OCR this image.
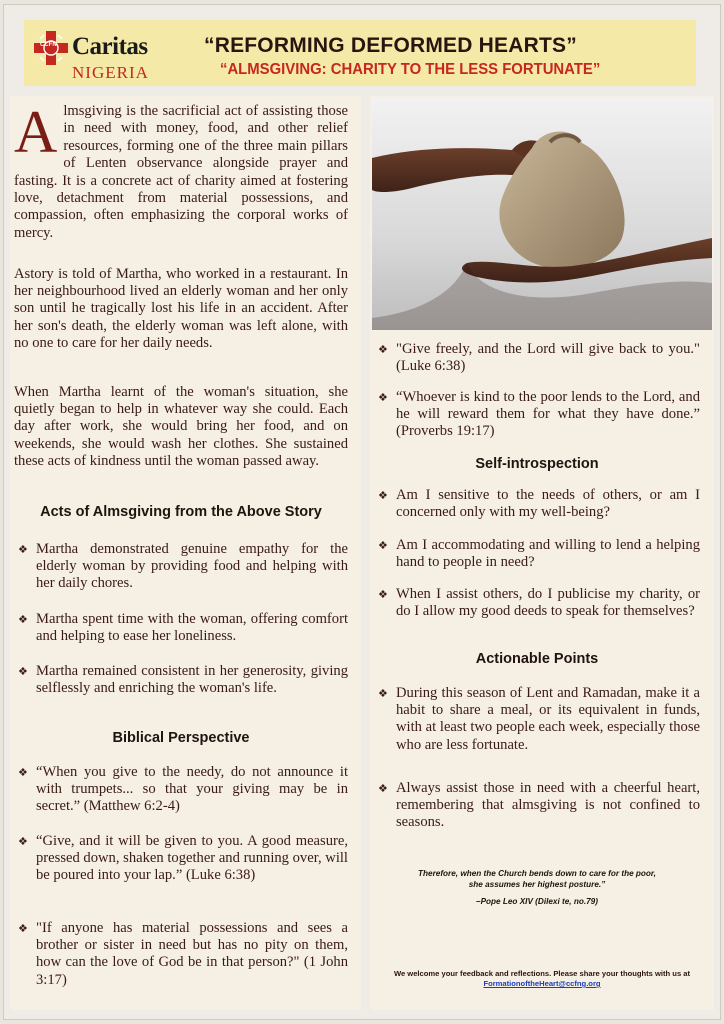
CCFN Caritas
NIGERIA
“REFORMING DEFORMED HEARTS”
“ALMSGIVING: CHARITY TO THE LESS FORTUNATE”

Almsgiving is the sacrificial act of assisting those in need with money, food, and other relief resources, forming one of the three main pillars of Lenten observance alongside prayer and fasting. It is a concrete act of charity aimed at fostering love, detachment from material possessions, and compassion, often emphasizing the corporal works of mercy.

Astory is told of Martha, who worked in a restaurant. In her neighbourhood lived an elderly woman and her only son until he tragically lost his life in an accident. After her son's death, the elderly woman was left alone, with no one to care for her daily needs.

When Martha learnt of the woman's situation, she quietly began to help in whatever way she could. Each day after work, she would bring her food, and on weekends, she would wash her clothes. She sustained these acts of kindness until the woman passed away.

Acts of Almsgiving from the Above Story
❖ Martha demonstrated genuine empathy for the elderly woman by providing food and helping with her daily chores.
❖ Martha spent time with the woman, offering comfort and helping to ease her loneliness.
❖ Martha remained consistent in her generosity, giving selflessly and enriching the woman's life.
Biblical Perspective
❖ “When you give to the needy, do not announce it with trumpets... so that your giving may be in secret.” (Matthew 6:2-4)
❖ “Give, and it will be given to you. A good measure, pressed down, shaken together and running over, will be poured into your lap.” (Luke 6:38)
❖ "If anyone has material possessions and sees a brother or sister in need but has no pity on them, how can the love of God be in that person?" (1 John 3:17)
❖ "Give freely, and the Lord will give back to you." (Luke 6:38)
❖ “Whoever is kind to the poor lends to the Lord, and he will reward them for what they have done.” (Proverbs 19:17)
Self-introspection
❖ Am I sensitive to the needs of others, or am I concerned only with my well-being?
❖ Am I accommodating and willing to lend a helping hand to people in need?
❖ When I assist others, do I publicise my charity, or do I allow my good deeds to speak for themselves?
Actionable Points
❖ During this season of Lent and Ramadan, make it a habit to share a meal, or its equivalent in funds, with at least two people each week, especially those who are less fortunate.
❖ Always assist those in need with a cheerful heart, remembering that almsgiving is not confined to seasons.
Therefore, when the Church bends down to care for the poor,
she assumes her highest posture.”
–Pope Leo XIV (Dilexi te, no.79)
We welcome your feedback and reflections. Please share your thoughts with us at
FormationoftheHeart@ccfng.org
